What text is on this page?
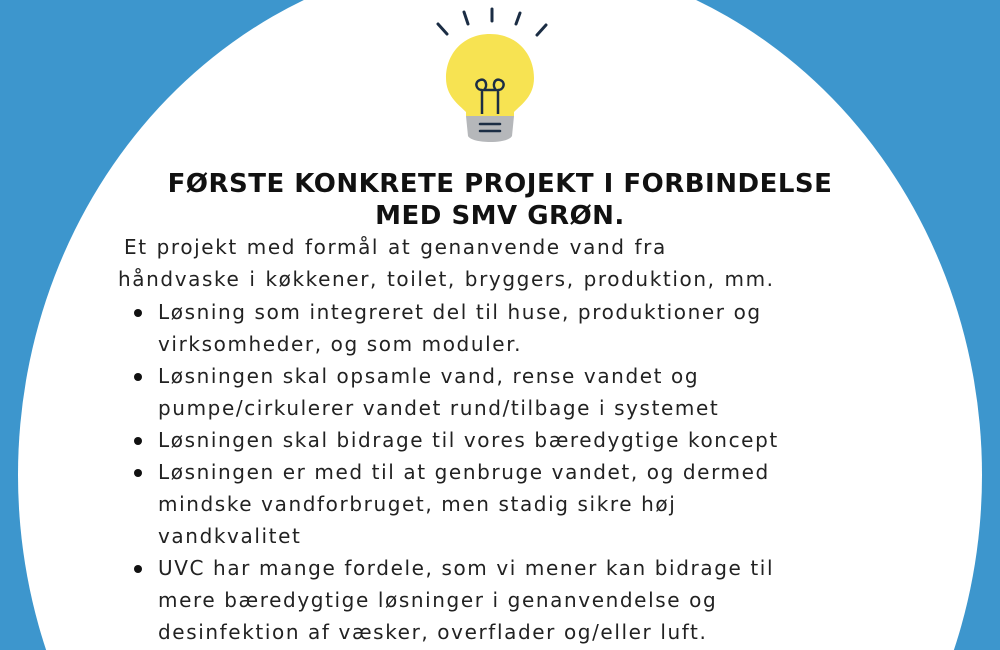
FØRSTE KONKRETE PROJEKT I FORBINDELSE
MED SMV GRØN.
Et projekt med formål at genanvende vand fra
håndvaske i køkkener, toilet, bryggers, produktion, mm.
Løsning som integreret del til huse, produktioner og
virksomheder, og som moduler.
Løsningen skal opsamle vand, rense vandet og
pumpe/cirkulerer vandet rund/tilbage i systemet
Løsningen skal bidrage til vores bæredygtige koncept
Løsningen er med til at genbruge vandet, og dermed
mindske vandforbruget, men stadig sikre høj
vandkvalitet
UVC har mange fordele, som vi mener kan bidrage til
mere bæredygtige løsninger i genanvendelse og
desinfektion af væsker, overflader og/eller luft.
